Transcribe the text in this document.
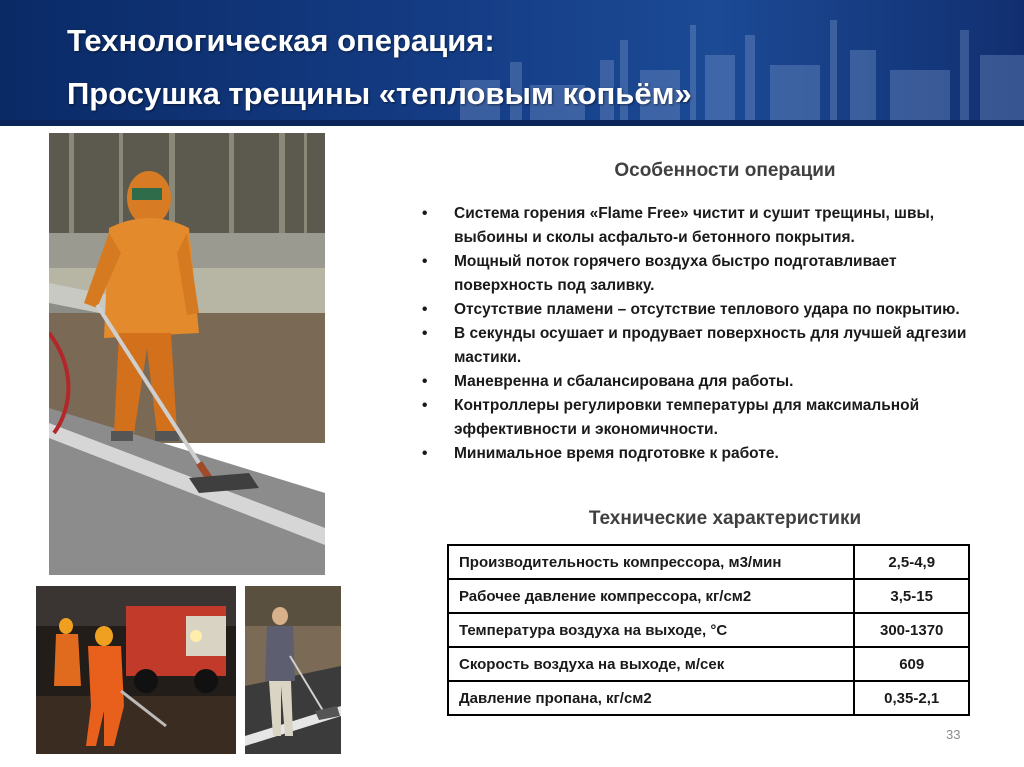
Технологическая операция:
Просушка трещины «тепловым копьём»
Особенности операции
• Система горения «Flame Free» чистит и сушит трещины, швы, выбоины и сколы асфальто-и бетонного покрытия.
• Мощный поток горячего воздуха быстро подготавливает поверхность под заливку.
• Отсутствие пламени – отсутствие теплового удара по покрытию.
• В секунды осушает и продувает поверхность для лучшей адгезии мастики.
• Маневренна и сбалансирована для работы.
• Контроллеры регулировки температуры для максимальной эффективности и экономичности.
• Минимальное время подготовке к работе.
Технические характеристики
Производительность компрессора, м3/мин	2,5-4,9
Рабочее давление компрессора, кг/см2	3,5-15
Температура воздуха на выходе, °С	300-1370
Скорость воздуха на выходе, м/сек	609
Давление пропана, кг/см2	0,35-2,1
33
